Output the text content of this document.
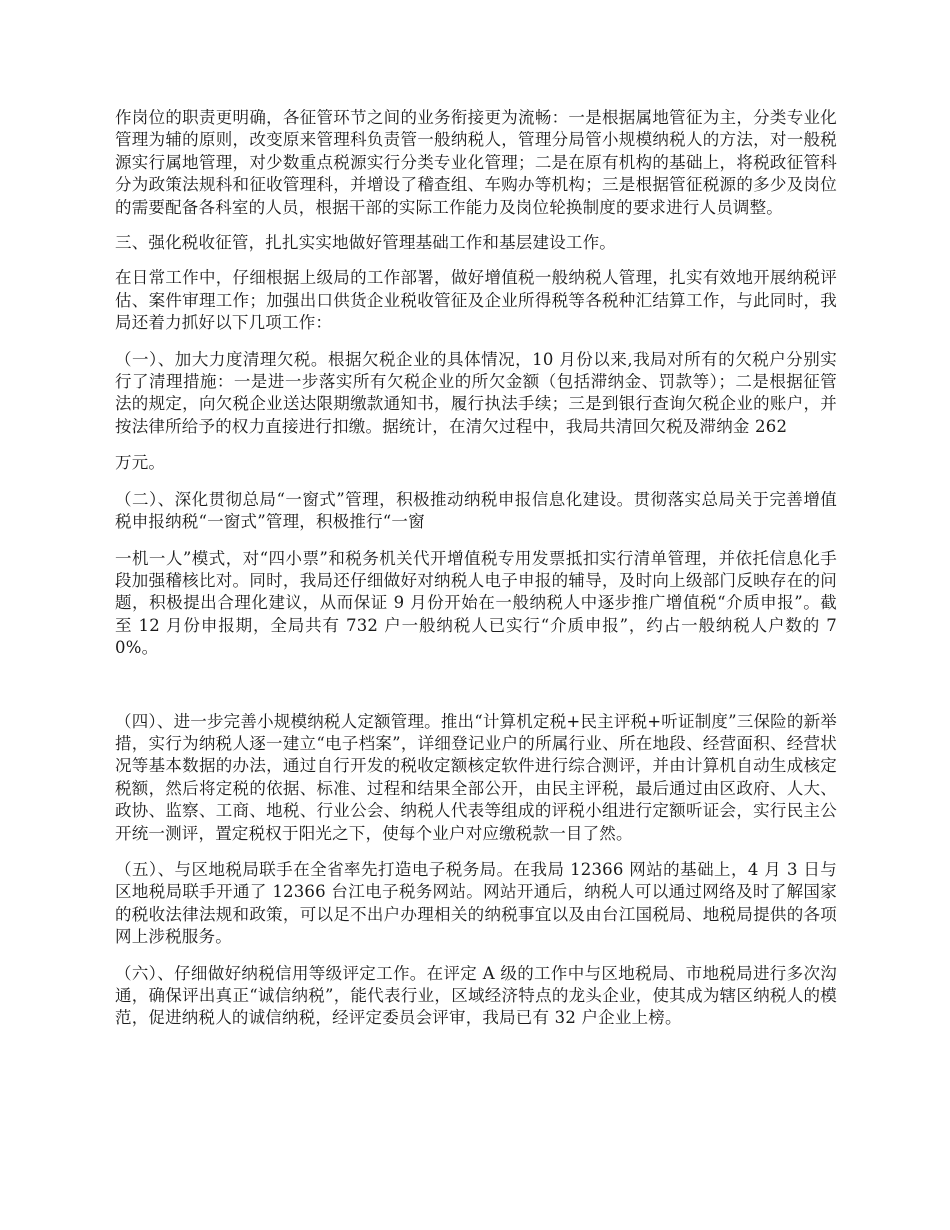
作岗位的职责更明确，各征管环节之间的业务衔接更为流畅：一是根据属地管征为主，分类专业化管理为辅的原则，改变原来管理科负责管一般纳税人，管理分局管小规模纳税人的方法，对一般税源实行属地管理，对少数重点税源实行分类专业化管理；二是在原有机构的基础上，将税政征管科分为政策法规科和征收管理科，并增设了稽查组、车购办等机构；三是根据管征税源的多少及岗位的需要配备各科室的人员，根据干部的实际工作能力及岗位轮换制度的要求进行人员调整。

三、强化税收征管，扎扎实实地做好管理基础工作和基层建设工作。

在日常工作中，仔细根据上级局的工作部署，做好增值税一般纳税人管理，扎实有效地开展纳税评估、案件审理工作；加强出口供货企业税收管征及企业所得税等各税种汇结算工作，与此同时，我局还着力抓好以下几项工作：

（一）、加大力度清理欠税。根据欠税企业的具体情况，10 月份以来,我局对所有的欠税户分别实行了清理措施：一是进一步落实所有欠税企业的所欠金额（包括滞纳金、罚款等）；二是根据征管法的规定，向欠税企业送达限期缴款通知书，履行执法手续；三是到银行查询欠税企业的账户，并按法律所给予的权力直接进行扣缴。据统计，在清欠过程中，我局共清回欠税及滞纳金 262

万元。

（二）、深化贯彻总局“一窗式”管理，积极推动纳税申报信息化建设。贯彻落实总局关于完善增值税申报纳税“一窗式”管理，积极推行“一窗

一机一人”模式，对“四小票”和税务机关代开增值税专用发票抵扣实行清单管理，并依托信息化手段加强稽核比对。同时，我局还仔细做好对纳税人电子申报的辅导，及时向上级部门反映存在的问题，积极提出合理化建议，从而保证 9 月份开始在一般纳税人中逐步推广增值税“介质申报”。截至 12 月份申报期，全局共有 732 户一般纳税人已实行“介质申报”，约占一般纳税人户数的 70%。

（四）、进一步完善小规模纳税人定额管理。推出“计算机定税+民主评税+听证制度”三保险的新举措，实行为纳税人逐一建立“电子档案”，详细登记业户的所属行业、所在地段、经营面积、经营状况等基本数据的办法，通过自行开发的税收定额核定软件进行综合测评，并由计算机自动生成核定税额，然后将定税的依据、标准、过程和结果全部公开，由民主评税，最后通过由区政府、人大、政协、监察、工商、地税、行业公会、纳税人代表等组成的评税小组进行定额听证会，实行民主公开统一测评，置定税权于阳光之下，使每个业户对应缴税款一目了然。

（五）、与区地税局联手在全省率先打造电子税务局。在我局 12366 网站的基础上，4 月 3 日与区地税局联手开通了 12366 台江电子税务网站。网站开通后，纳税人可以通过网络及时了解国家的税收法律法规和政策，可以足不出户办理相关的纳税事宜以及由台江国税局、地税局提供的各项网上涉税服务。

（六）、仔细做好纳税信用等级评定工作。在评定 A 级的工作中与区地税局、市地税局进行多次沟通，确保评出真正“诚信纳税”，能代表行业，区域经济特点的龙头企业，使其成为辖区纳税人的模范，促进纳税人的诚信纳税，经评定委员会评审，我局已有 32 户企业上榜。
